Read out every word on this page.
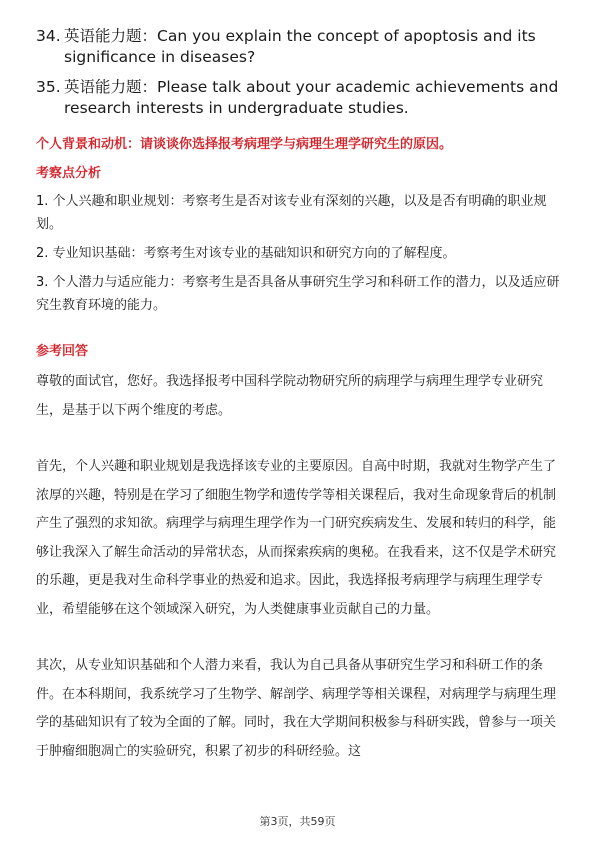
34. 英语能力题：Can you explain the concept of apoptosis and its significance in diseases?
35. 英语能力题：Please talk about your academic achievements and research interests in undergraduate studies.
个人背景和动机：请谈谈你选择报考病理学与病理生理学研究生的原因。
考察点分析
1. 个人兴趣和职业规划：考察考生是否对该专业有深刻的兴趣，以及是否有明确的职业规划。
2. 专业知识基础：考察考生对该专业的基础知识和研究方向的了解程度。
3. 个人潜力与适应能力：考察考生是否具备从事研究生学习和科研工作的潜力，以及适应研究生教育环境的能力。
参考回答

尊敬的面试官，您好。我选择报考中国科学院动物研究所的病理学与病理生理学专业研究生，是基于以下两个维度的考虑。

首先，个人兴趣和职业规划是我选择该专业的主要原因。自高中时期，我就对生物学产生了浓厚的兴趣，特别是在学习了细胞生物学和遗传学等相关课程后，我对生命现象背后的机制产生了强烈的求知欲。病理学与病理生理学作为一门研究疾病发生、发展和转归的科学，能够让我深入了解生命活动的异常状态，从而探索疾病的奥秘。在我看来，这不仅是学术研究的乐趣，更是我对生命科学事业的热爱和追求。因此，我选择报考病理学与病理生理学专业，希望能够在这个领域深入研究，为人类健康事业贡献自己的力量。

其次，从专业知识基础和个人潜力来看，我认为自己具备从事研究生学习和科研工作的条件。在本科期间，我系统学习了生物学、解剖学、病理学等相关课程，对病理学与病理生理学的基础知识有了较为全面的了解。同时，我在大学期间积极参与科研实践，曾参与一项关于肿瘤细胞凋亡的实验研究，积累了初步的科研经验。这

第3页，共59页
